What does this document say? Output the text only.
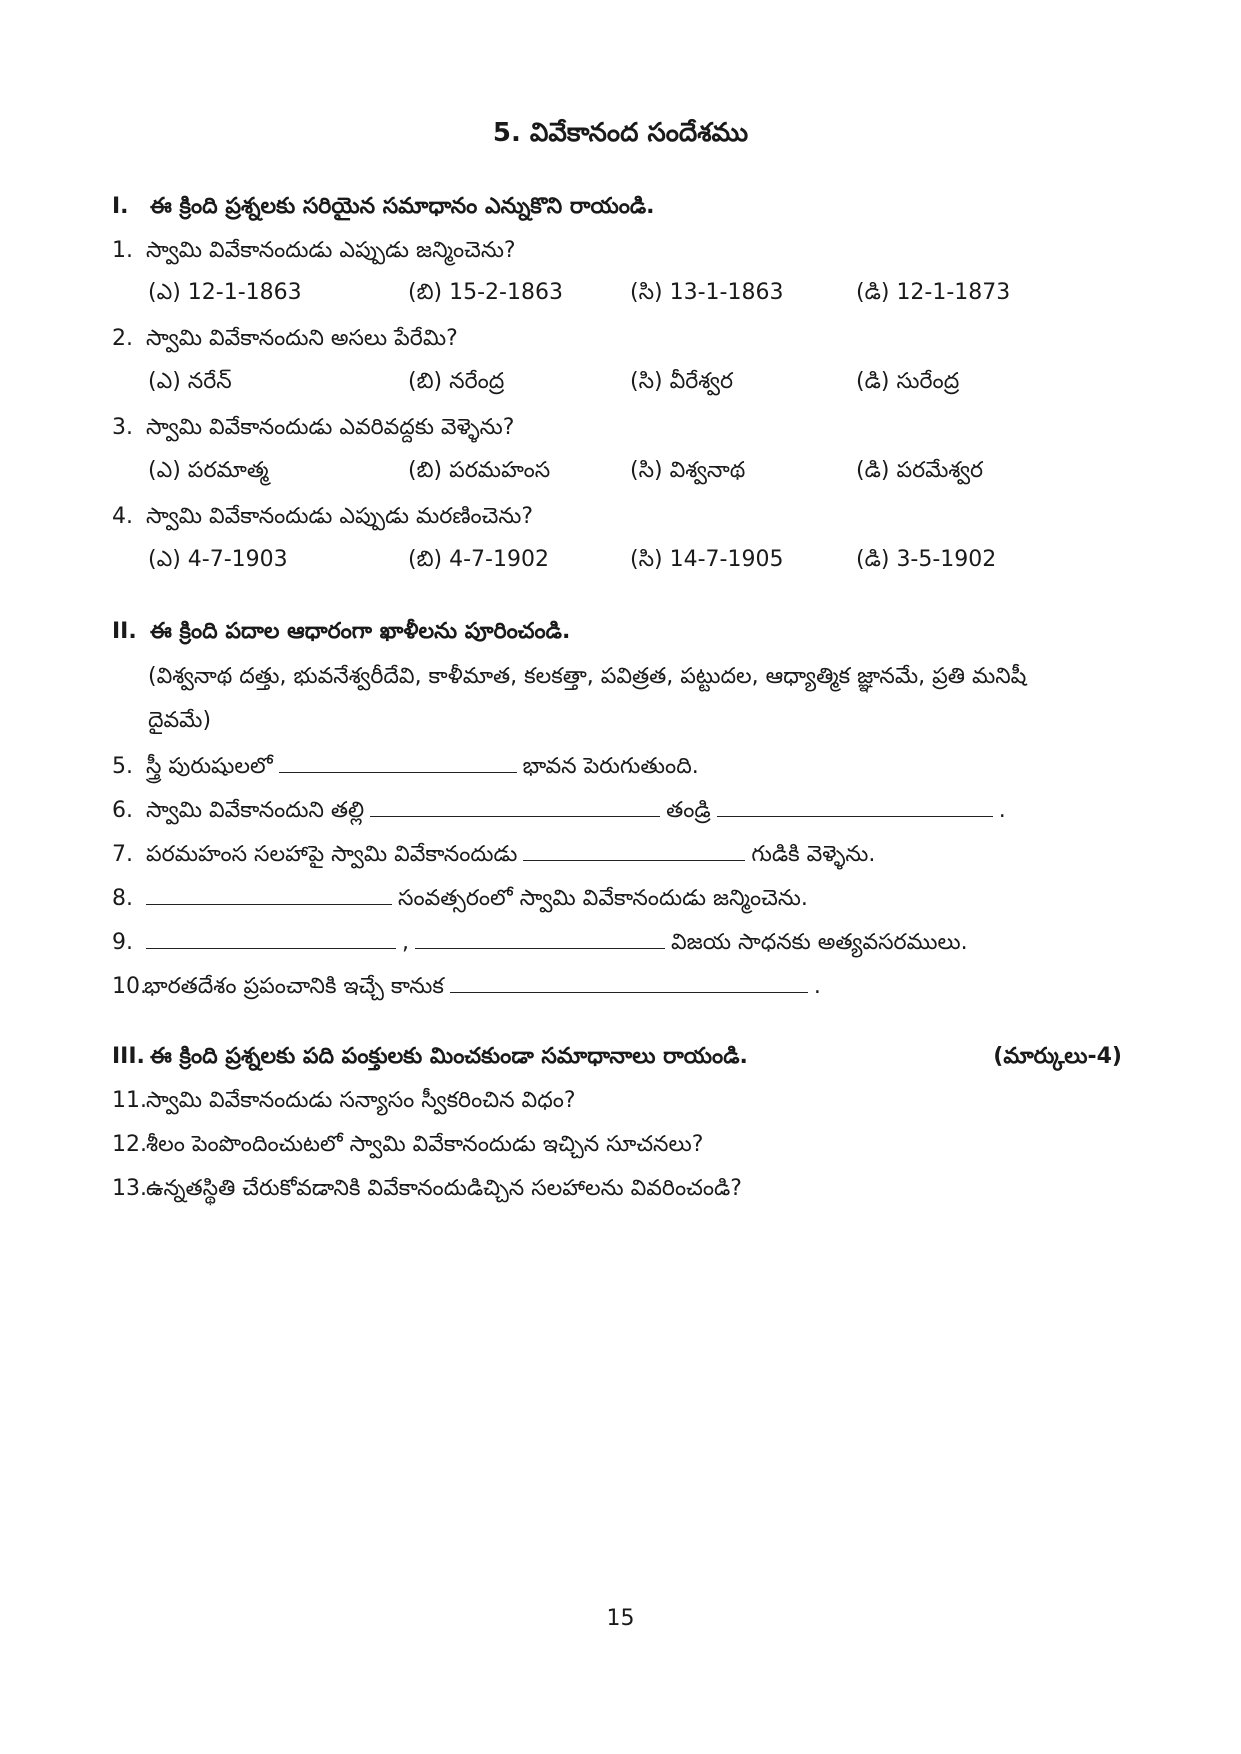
5. వివేకానంద సందేశము
I. ఈ క్రింది ప్రశ్నలకు సరియైన సమాధానం ఎన్నుకొని రాయండి.
1. స్వామి వివేకానందుడు ఎప్పుడు జన్మించెను?
(ఎ) 12-1-1863	(బి) 15-2-1863	(సి) 13-1-1863	(డి) 12-1-1873
2. స్వామి వివేకానందుని అసలు పేరేమి?
(ఎ) నరేన్	(బి) నరేంద్ర	(సి) వీరేశ్వర	(డి) సురేంద్ర
3. స్వామి వివేకానందుడు ఎవరివద్దకు వెళ్ళెను?
(ఎ) పరమాత్మ	(బి) పరమహంస	(సి) విశ్వనాథ	(డి) పరమేశ్వర
4. స్వామి వివేకానందుడు ఎప్పుడు మరణించెను?
(ఎ) 4-7-1903	(బి) 4-7-1902	(సి) 14-7-1905	(డి) 3-5-1902
II. ఈ క్రింది పదాల ఆధారంగా ఖాళీలను పూరించండి.
(విశ్వనాథ దత్తు, భువనేశ్వరీదేవి, కాళీమాత, కలకత్తా, పవిత్రత, పట్టుదల, ఆధ్యాత్మిక జ్ఞానమే, ప్రతి మనిషీ
దైవమే)
5. స్త్రీ పురుషులలో	భావన పెరుగుతుంది.
6. స్వామి వివేకానందుని తల్లి	తండ్రి	.
7. పరమహంస సలహాపై స్వామి వివేకానందుడు	గుడికి వెళ్ళెను.
8.	సంవత్సరంలో స్వామి వివేకానందుడు జన్మించెను.
9.	,	విజయ సాధనకు అత్యవసరములు.
10.భారతదేశం ప్రపంచానికి ఇచ్చే కానుక	.
III. ఈ క్రింది ప్రశ్నలకు పది పంక్తులకు మించకుండా సమాధానాలు రాయండి.	(మార్కులు-4)
11.స్వామి వివేకానందుడు సన్యాసం స్వీకరించిన విధం?
12.శీలం పెంపొందించుటలో స్వామి వివేకానందుడు ఇచ్చిన సూచనలు?
13.ఉన్నతస్థితి చేరుకోవడానికి వివేకానందుడిచ్చిన సలహాలను వివరించండి?
15
